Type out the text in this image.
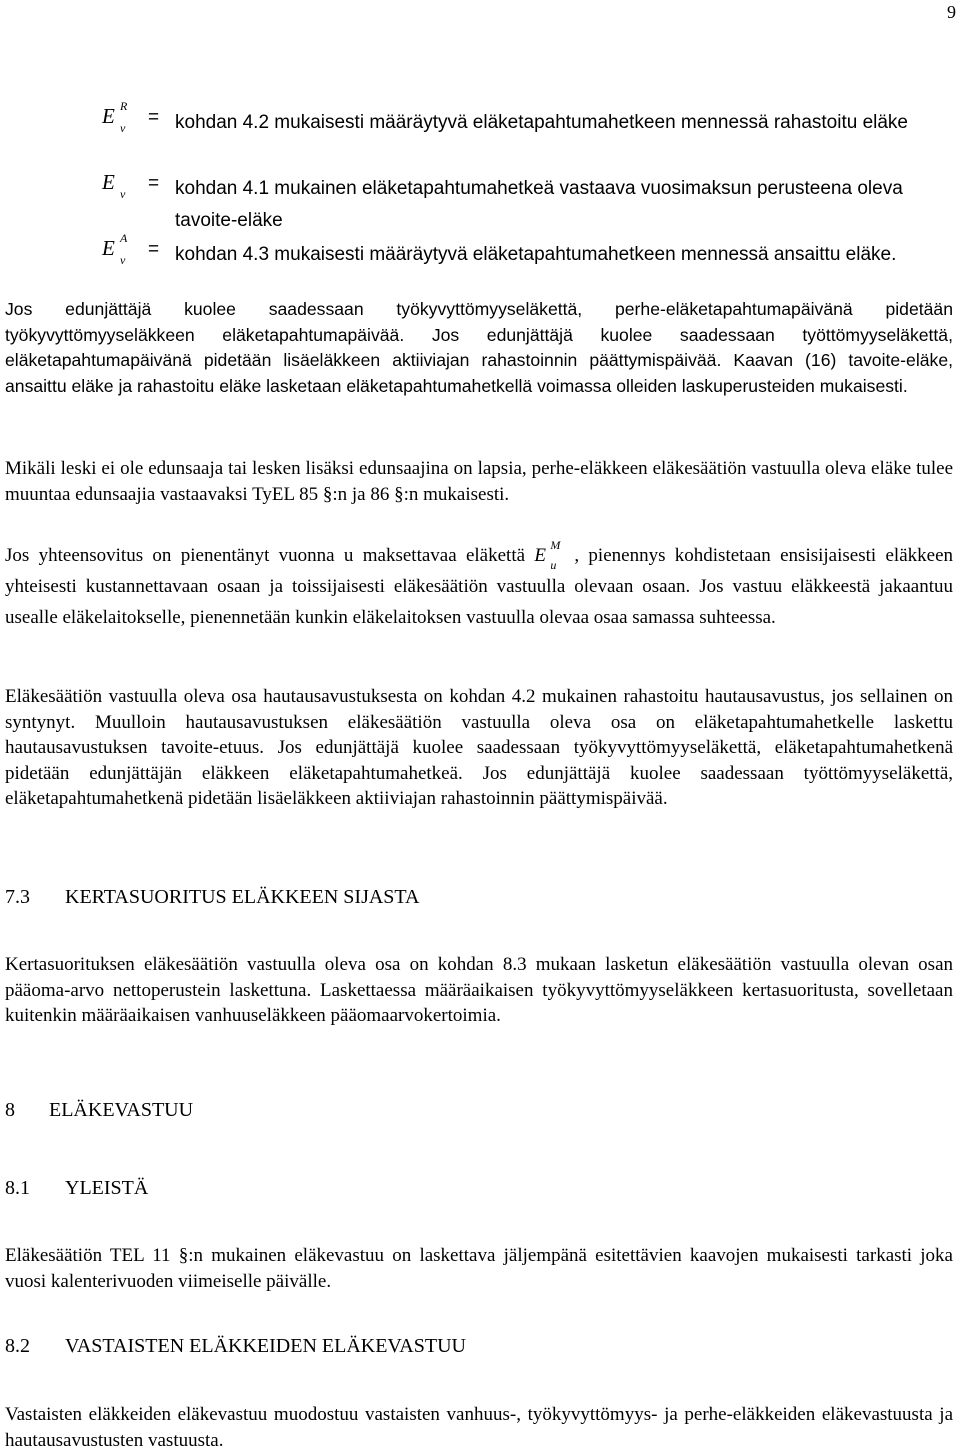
9
E R
v = kohdan 4.2 mukaisesti määräytyvä eläketapahtumahetkeen mennessä rahastoitu eläke
E v = kohdan 4.1 mukainen eläketapahtumahetkeä vastaava vuosimaksun perusteena oleva tavoite-eläke
E A
v = kohdan 4.3 mukaisesti määräytyvä eläketapahtumahetkeen mennessä ansaittu eläke.
Jos edunjättäjä kuolee saadessaan työkyvyttömyyseläkettä, perhe-eläketapahtumapäivänä pidetään työkyvyttömyyseläkkeen eläketapahtumapäivää. Jos edunjättäjä kuolee saadessaan työttömyyseläkettä, eläketapahtumapäivänä pidetään lisäeläkkeen aktiiviajan rahastoinnin päättymispäivää. Kaavan (16) tavoite-eläke, ansaittu eläke ja rahastoitu eläke lasketaan eläketapahtumahetkellä voimassa olleiden laskuperusteiden mukaisesti.
Mikäli leski ei ole edunsaaja tai lesken lisäksi edunsaajina on lapsia, perhe-eläkkeen eläkesäätiön vastuulla oleva eläke tulee muuntaa edunsaajia vastaavaksi TyEL 85 §:n ja 86 §:n mukaisesti.
Jos yhteensovitus on pienentänyt vuonna u maksettavaa eläkettä E M
u , pienennys kohdistetaan ensisijaisesti eläkkeen yhteisesti kustannettavaan osaan ja toissijaisesti eläkesäätiön vastuulla olevaan osaan. Jos vastuu eläkkeestä jakaantuu usealle eläkelaitokselle, pienennetään kunkin eläkelaitoksen vastuulla olevaa osaa samassa suhteessa.
Eläkesäätiön vastuulla oleva osa hautausavustuksesta on kohdan 4.2 mukainen rahastoitu hautausavustus, jos sellainen on syntynyt. Muulloin hautausavustuksen eläkesäätiön vastuulla oleva osa on eläketapahtumahetkelle laskettu hautausavustuksen tavoite-etuus. Jos edunjättäjä kuolee saadessaan työkyvyttömyyseläkettä, eläketapahtumahetkenä pidetään edunjättäjän eläkkeen eläketapahtumahetkeä. Jos edunjättäjä kuolee saadessaan työttömyyseläkettä, eläketapahtumahetkenä pidetään lisäeläkkeen aktiiviajan rahastoinnin päättymispäivää.
7.3 KERTASUORITUS ELÄKKEEN SIJASTA
Kertasuorituksen eläkesäätiön vastuulla oleva osa on kohdan 8.3 mukaan lasketun eläkesäätiön vastuulla olevan osan pääoma-arvo nettoperustein laskettuna. Laskettaessa määräaikaisen työkyvyttömyyseläkkeen kertasuoritusta, sovelletaan kuitenkin määräaikaisen vanhuuseläkkeen pääomaarvokertoimia.
8 ELÄKEVASTUU
8.1 YLEISTÄ
Eläkesäätiön TEL 11 §:n mukainen eläkevastuu on laskettava jäljempänä esitettävien kaavojen mukaisesti tarkasti joka vuosi kalenterivuoden viimeiselle päivälle.
8.2 VASTAISTEN ELÄKKEIDEN ELÄKEVASTUU
Vastaisten eläkkeiden eläkevastuu muodostuu vastaisten vanhuus-, työkyvyttömyys- ja perhe-eläkkeiden eläkevastuusta ja hautausavustusten vastuusta.
